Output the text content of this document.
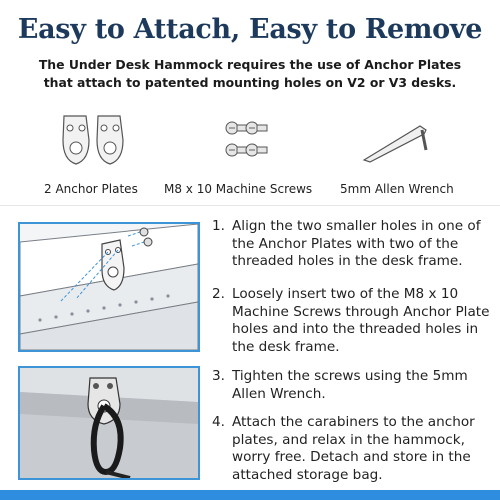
Easy to Attach, Easy to Remove
The Under Desk Hammock requires the use of Anchor Plates
that attach to patented mounting holes on V2 or V3 desks.
2 Anchor Plates M8 x 10 Machine Screws 5mm Allen Wrench
1. Align the two smaller holes in one of the Anchor Plates with two of the threaded holes in the desk frame.
2. Loosely insert two of the M8 x 10 Machine Screws through Anchor Plate holes and into the threaded holes in the desk frame.
3. Tighten the screws using the 5mm Allen Wrench.
4. Attach the carabiners to the anchor plates, and relax in the hammock, worry free. Detach and store in the attached storage bag.
